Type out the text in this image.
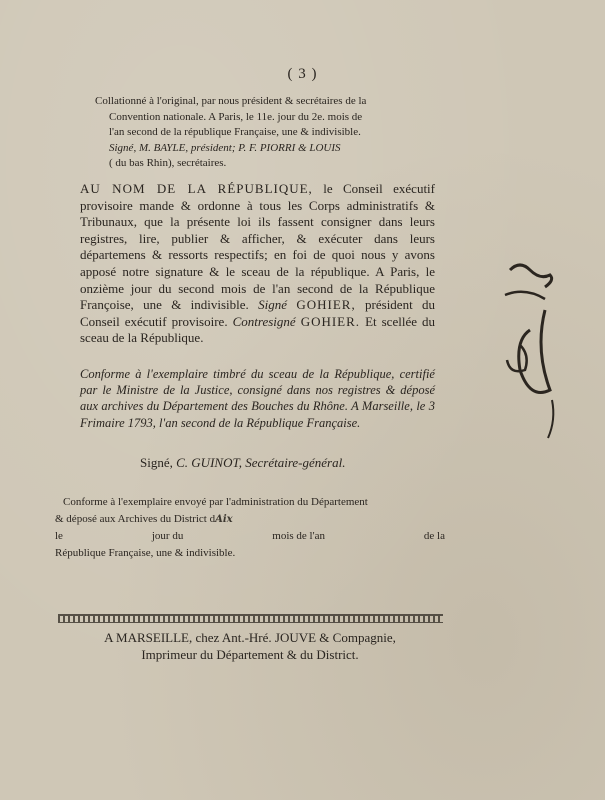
( 3 )
Collationné à l'original, par nous président & secrétaires de la
Convention nationale. A Paris, le 11e. jour du 2e. mois de
l'an second de la république Française, une & indivisible.
Signé, M. BAYLE, président; P. F. PIORRI & LOUIS
( du bas Rhin), secrétaires.
AU NOM DE LA RÉPUBLIQUE, le Conseil exécutif provisoire mande & ordonne à tous les Corps administratifs & Tribunaux, que la présente loi ils fassent consigner dans leurs registres, lire, publier & afficher, & exécuter dans leurs départemens & ressorts respectifs; en foi de quoi nous y avons apposé notre signature & le sceau de la république. A Paris, le onzième jour du second mois de l'an second de la République Françoise, une & indivisible. Signé GOHIER, président du Conseil exécutif provisoire. Contresigné GOHIER. Et scellée du sceau de la République.
Conforme à l'exemplaire timbré du sceau de la République, certifié par le Ministre de la Justice, consigné dans nos registres & déposé aux archives du Département des Bouches du Rhône. A Marseille, le 3 Frimaire 1793, l'an second de la République Française.
Signé, C. GUINOT, Secrétaire-général.
Conforme à l'exemplaire envoyé par l'administration du Département
& déposé aux Archives du District dAix
le	jour du	mois de l'an	de la
République Française, une & indivisible.
A MARSEILLE, chez Ant.-Hré. JOUVE & Compagnie,
Imprimeur du Département & du District.
